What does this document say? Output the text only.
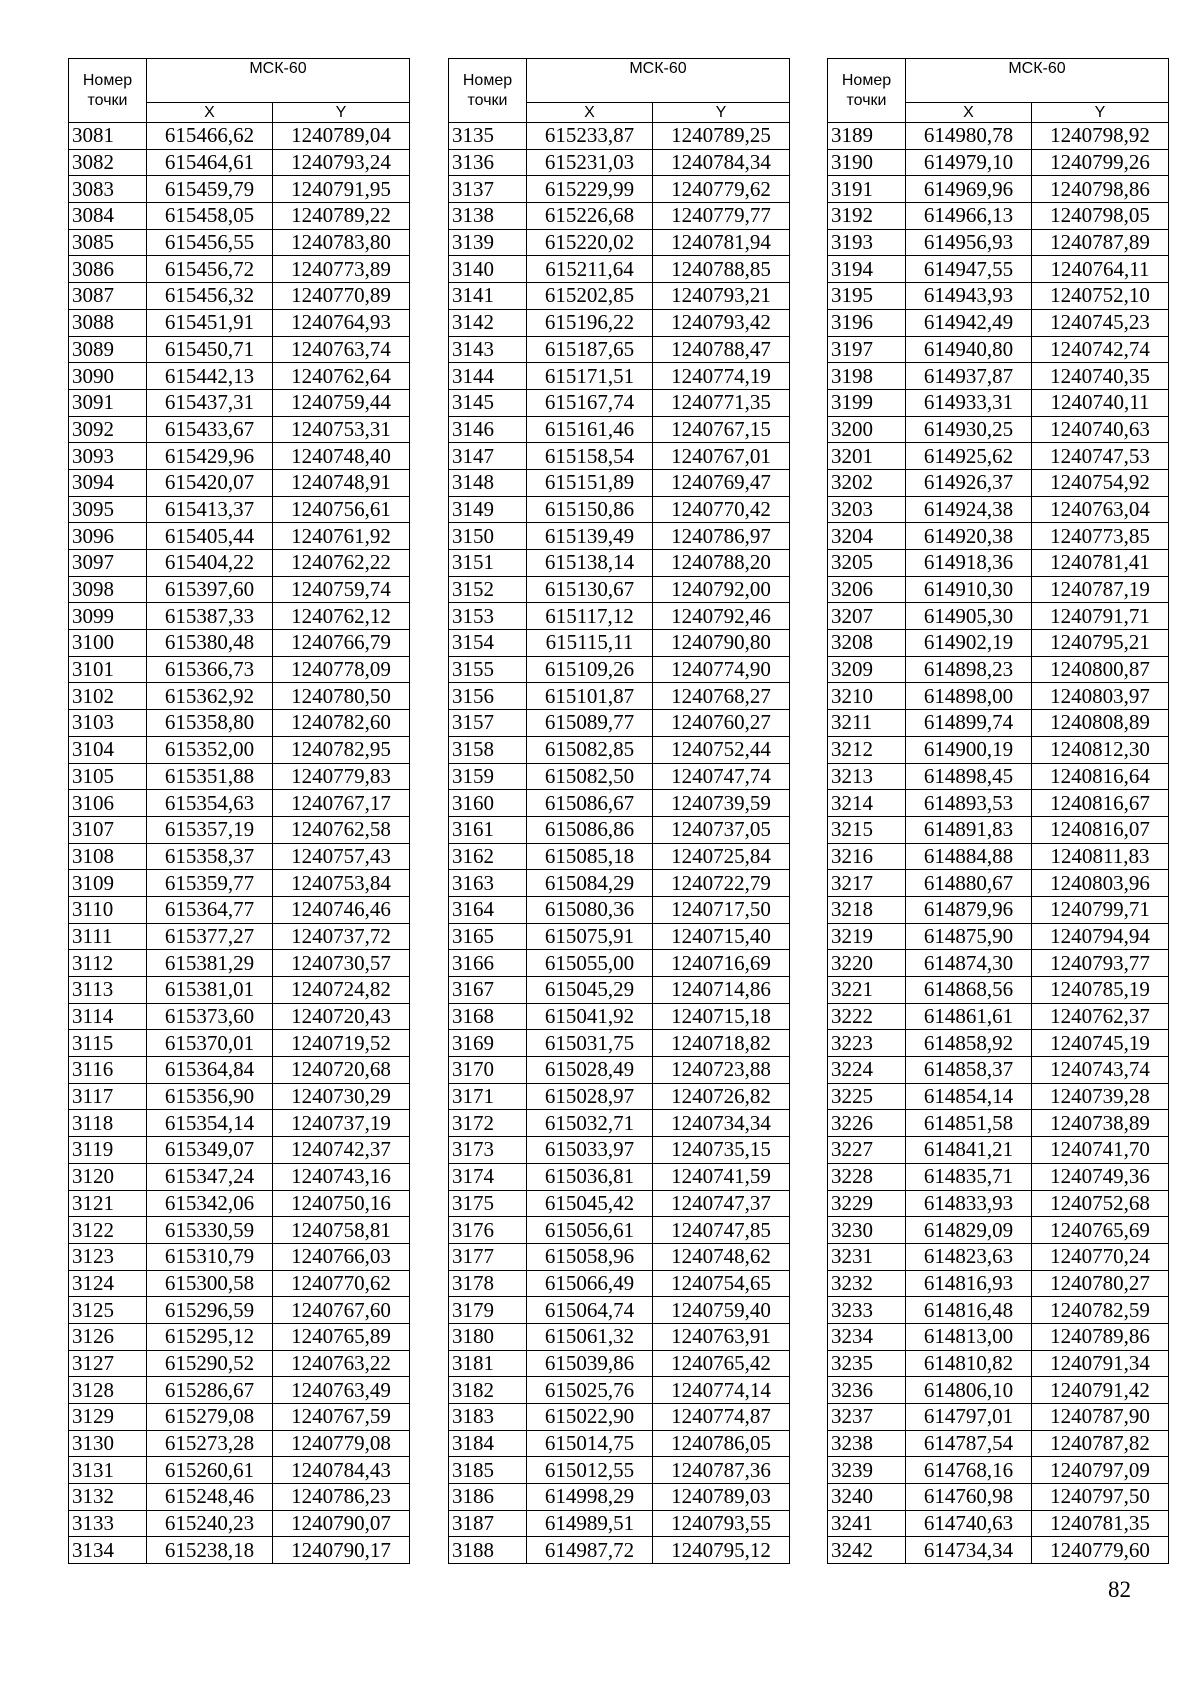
Номер
точки	МСК-60	
	X	Y
3081	615466,62	1240789,04
3082	615464,61	1240793,24
3083	615459,79	1240791,95
3084	615458,05	1240789,22
3085	615456,55	1240783,80
3086	615456,72	1240773,89
3087	615456,32	1240770,89
3088	615451,91	1240764,93
3089	615450,71	1240763,74
3090	615442,13	1240762,64
3091	615437,31	1240759,44
3092	615433,67	1240753,31
3093	615429,96	1240748,40
3094	615420,07	1240748,91
3095	615413,37	1240756,61
3096	615405,44	1240761,92
3097	615404,22	1240762,22
3098	615397,60	1240759,74
3099	615387,33	1240762,12
3100	615380,48	1240766,79
3101	615366,73	1240778,09
3102	615362,92	1240780,50
3103	615358,80	1240782,60
3104	615352,00	1240782,95
3105	615351,88	1240779,83
3106	615354,63	1240767,17
3107	615357,19	1240762,58
3108	615358,37	1240757,43
3109	615359,77	1240753,84
3110	615364,77	1240746,46
3111	615377,27	1240737,72
3112	615381,29	1240730,57
3113	615381,01	1240724,82
3114	615373,60	1240720,43
3115	615370,01	1240719,52
3116	615364,84	1240720,68
3117	615356,90	1240730,29
3118	615354,14	1240737,19
3119	615349,07	1240742,37
3120	615347,24	1240743,16
3121	615342,06	1240750,16
3122	615330,59	1240758,81
3123	615310,79	1240766,03
3124	615300,58	1240770,62
3125	615296,59	1240767,60
3126	615295,12	1240765,89
3127	615290,52	1240763,22
3128	615286,67	1240763,49
3129	615279,08	1240767,59
3130	615273,28	1240779,08
3131	615260,61	1240784,43
3132	615248,46	1240786,23
3133	615240,23	1240790,07
3134	615238,18	1240790,17
Номер
точки	МСК-60	
	X	Y
3135	615233,87	1240789,25
3136	615231,03	1240784,34
3137	615229,99	1240779,62
3138	615226,68	1240779,77
3139	615220,02	1240781,94
3140	615211,64	1240788,85
3141	615202,85	1240793,21
3142	615196,22	1240793,42
3143	615187,65	1240788,47
3144	615171,51	1240774,19
3145	615167,74	1240771,35
3146	615161,46	1240767,15
3147	615158,54	1240767,01
3148	615151,89	1240769,47
3149	615150,86	1240770,42
3150	615139,49	1240786,97
3151	615138,14	1240788,20
3152	615130,67	1240792,00
3153	615117,12	1240792,46
3154	615115,11	1240790,80
3155	615109,26	1240774,90
3156	615101,87	1240768,27
3157	615089,77	1240760,27
3158	615082,85	1240752,44
3159	615082,50	1240747,74
3160	615086,67	1240739,59
3161	615086,86	1240737,05
3162	615085,18	1240725,84
3163	615084,29	1240722,79
3164	615080,36	1240717,50
3165	615075,91	1240715,40
3166	615055,00	1240716,69
3167	615045,29	1240714,86
3168	615041,92	1240715,18
3169	615031,75	1240718,82
3170	615028,49	1240723,88
3171	615028,97	1240726,82
3172	615032,71	1240734,34
3173	615033,97	1240735,15
3174	615036,81	1240741,59
3175	615045,42	1240747,37
3176	615056,61	1240747,85
3177	615058,96	1240748,62
3178	615066,49	1240754,65
3179	615064,74	1240759,40
3180	615061,32	1240763,91
3181	615039,86	1240765,42
3182	615025,76	1240774,14
3183	615022,90	1240774,87
3184	615014,75	1240786,05
3185	615012,55	1240787,36
3186	614998,29	1240789,03
3187	614989,51	1240793,55
3188	614987,72	1240795,12
Номер
точки	МСК-60	
	X	Y
3189	614980,78	1240798,92
3190	614979,10	1240799,26
3191	614969,96	1240798,86
3192	614966,13	1240798,05
3193	614956,93	1240787,89
3194	614947,55	1240764,11
3195	614943,93	1240752,10
3196	614942,49	1240745,23
3197	614940,80	1240742,74
3198	614937,87	1240740,35
3199	614933,31	1240740,11
3200	614930,25	1240740,63
3201	614925,62	1240747,53
3202	614926,37	1240754,92
3203	614924,38	1240763,04
3204	614920,38	1240773,85
3205	614918,36	1240781,41
3206	614910,30	1240787,19
3207	614905,30	1240791,71
3208	614902,19	1240795,21
3209	614898,23	1240800,87
3210	614898,00	1240803,97
3211	614899,74	1240808,89
3212	614900,19	1240812,30
3213	614898,45	1240816,64
3214	614893,53	1240816,67
3215	614891,83	1240816,07
3216	614884,88	1240811,83
3217	614880,67	1240803,96
3218	614879,96	1240799,71
3219	614875,90	1240794,94
3220	614874,30	1240793,77
3221	614868,56	1240785,19
3222	614861,61	1240762,37
3223	614858,92	1240745,19
3224	614858,37	1240743,74
3225	614854,14	1240739,28
3226	614851,58	1240738,89
3227	614841,21	1240741,70
3228	614835,71	1240749,36
3229	614833,93	1240752,68
3230	614829,09	1240765,69
3231	614823,63	1240770,24
3232	614816,93	1240780,27
3233	614816,48	1240782,59
3234	614813,00	1240789,86
3235	614810,82	1240791,34
3236	614806,10	1240791,42
3237	614797,01	1240787,90
3238	614787,54	1240787,82
3239	614768,16	1240797,09
3240	614760,98	1240797,50
3241	614740,63	1240781,35
3242	614734,34	1240779,60
82
